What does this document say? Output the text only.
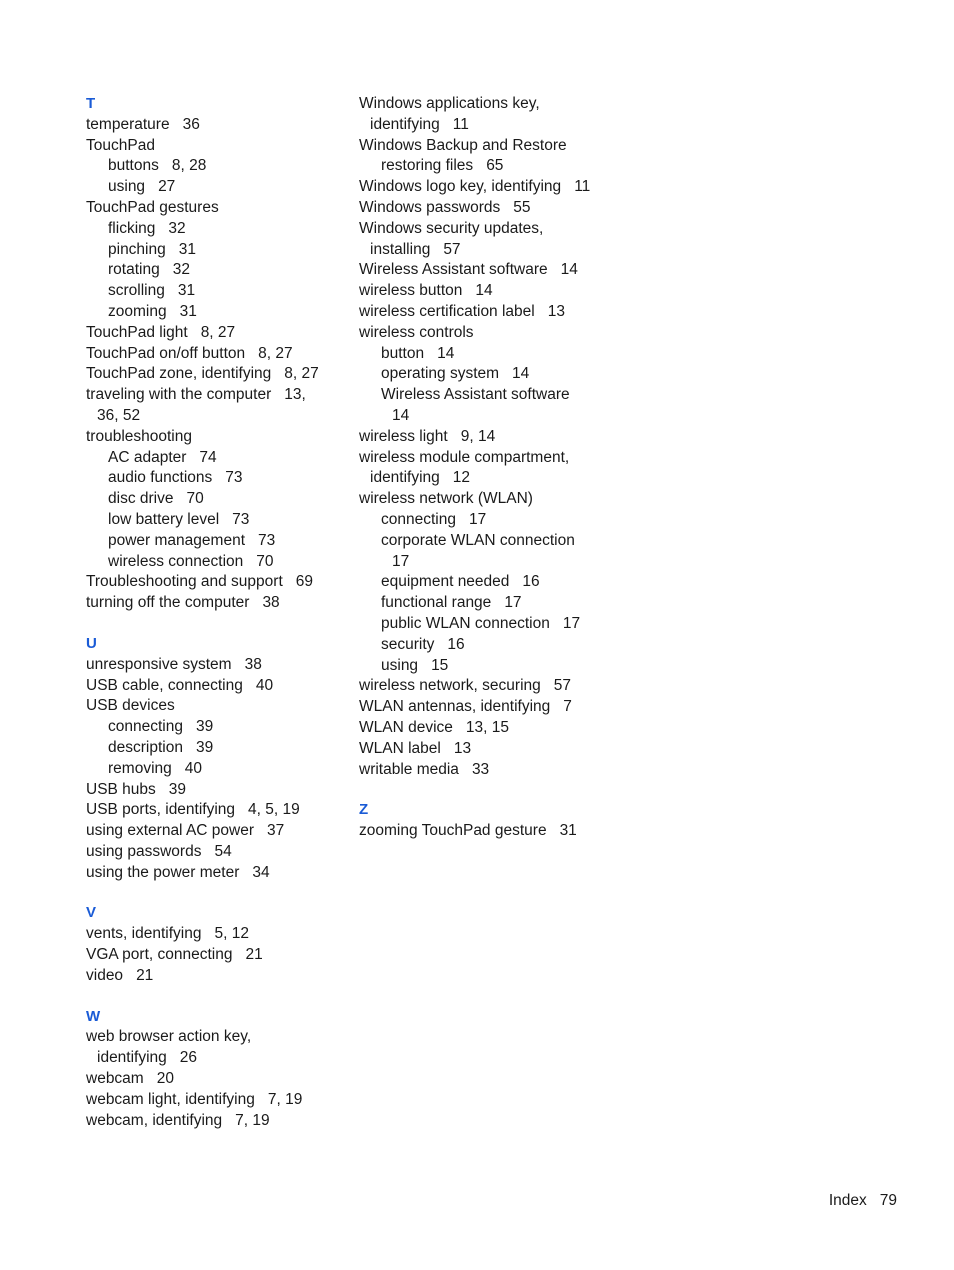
T
temperature 36
TouchPad
buttons 8, 28
using 27
TouchPad gestures
flicking 32
pinching 31
rotating 32
scrolling 31
zooming 31
TouchPad light 8, 27
TouchPad on/off button 8, 27
TouchPad zone, identifying 8, 27
traveling with the computer 13,
36, 52
troubleshooting
AC adapter 74
audio functions 73
disc drive 70
low battery level 73
power management 73
wireless connection 70
Troubleshooting and support 69
turning off the computer 38
U
unresponsive system 38
USB cable, connecting 40
USB devices
connecting 39
description 39
removing 40
USB hubs 39
USB ports, identifying 4, 5, 19
using external AC power 37
using passwords 54
using the power meter 34
V
vents, identifying 5, 12
VGA port, connecting 21
video 21
W
web browser action key,
identifying 26
webcam 20
webcam light, identifying 7, 19
webcam, identifying 7, 19
Windows applications key,
identifying 11
Windows Backup and Restore
restoring files 65
Windows logo key, identifying 11
Windows passwords 55
Windows security updates,
installing 57
Wireless Assistant software 14
wireless button 14
wireless certification label 13
wireless controls
button 14
operating system 14
Wireless Assistant software
14
wireless light 9, 14
wireless module compartment,
identifying 12
wireless network (WLAN)
connecting 17
corporate WLAN connection
17
equipment needed 16
functional range 17
public WLAN connection 17
security 16
using 15
wireless network, securing 57
WLAN antennas, identifying 7
WLAN device 13, 15
WLAN label 13
writable media 33
Z
zooming TouchPad gesture 31
Index 79
